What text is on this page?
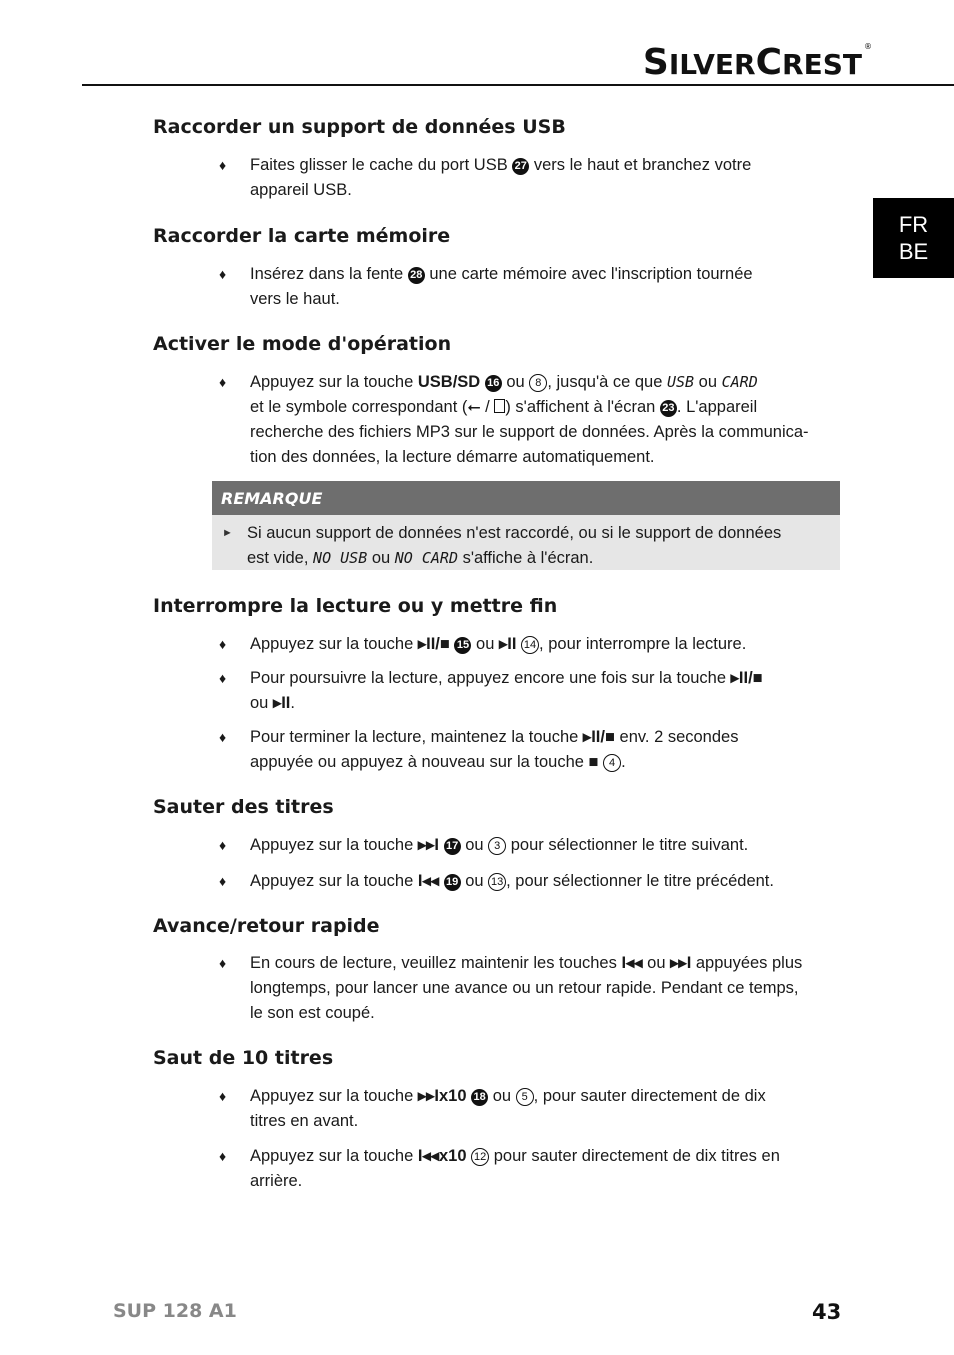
SILVERCREST®
FR
BE
Raccorder un support de données USB
♦ Faites glisser le cache du port USB 27 vers le haut et branchez votre
appareil USB.
Raccorder la carte mémoire
♦ Insérez dans la fente 28 une carte mémoire avec l'inscription tournée
vers le haut.
Activer le mode d'opération
♦ Appuyez sur la touche USB/SD 16 ou 8 , jusqu'à ce que USB ou CARD
et le symbole correspondant (⭠ / ) s'affichent à l'écran 23 . L'appareil
recherche des fichiers MP3 sur le support de données. Après la communica-
tion des données, la lecture démarre automatiquement.
REMARQUE
► Si aucun support de données n'est raccordé, ou si le support de données
est vide, NO USB ou NO CARD s'affiche à l'écran.
Interrompre la lecture ou y mettre fin
♦ Appuyez sur la touche ▸II/■ 15 ou ▸II 14 , pour interrompre la lecture.
♦ Pour poursuivre la lecture, appuyez encore une fois sur la touche ▸II/■
ou ▸II.
♦ Pour terminer la lecture, maintenez la touche ▸II/■ env. 2 secondes
appuyée ou appuyez à nouveau sur la touche ■ 4 .
Sauter des titres
♦ Appuyez sur la touche ▸▸I 17 ou 3 pour sélectionner le titre suivant.
♦ Appuyez sur la touche I◂◂ 19 ou 13 , pour sélectionner le titre précédent.
Avance/retour rapide
♦ En cours de lecture, veuillez maintenir les touches I◂◂ ou ▸▸I appuyées plus
longtemps, pour lancer une avance ou un retour rapide. Pendant ce temps,
le son est coupé.
Saut de 10 titres
♦ Appuyez sur la touche ▸▸Ix10 18 ou 5 , pour sauter directement de dix
titres en avant.
♦ Appuyez sur la touche I◂◂x10 12 pour sauter directement de dix titres en
arrière.
SUP 128 A1	43
